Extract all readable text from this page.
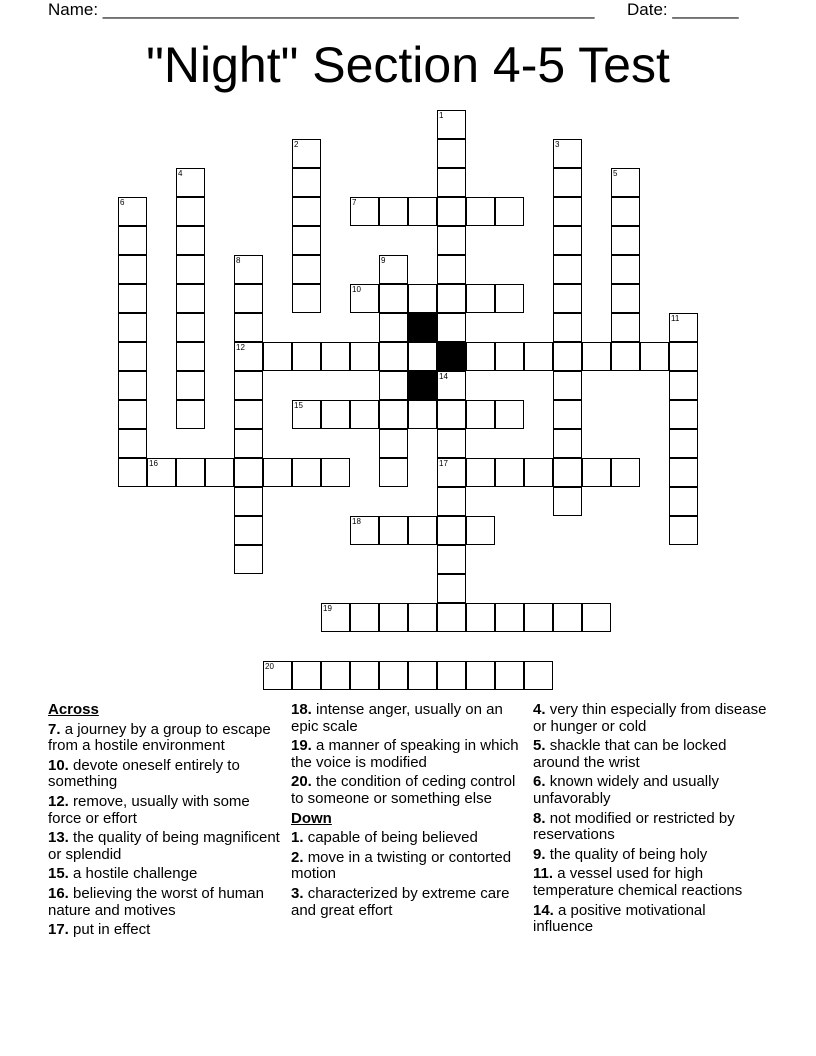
Name: ____________________________________________________ Date: _______
"Night" Section 4-5 Test
1
13
14
17
2	3
4	5
6	7
8
12
9
10
11
15
16
18
19
20
Across
7. a journey by a group to escape from a hostile environment
10. devote oneself entirely to something
12. remove, usually with some force or effort
13. the quality of being magnificent or splendid
15. a hostile challenge
16. believing the worst of human nature and motives
17. put in effect
18. intense anger, usually on an epic scale
19. a manner of speaking in which the voice is modified
20. the condition of ceding control to someone or something else
Down
1. capable of being believed
2. move in a twisting or contorted motion
3. characterized by extreme care and great effort
4. very thin especially from disease or hunger or cold
5. shackle that can be locked around the wrist
6. known widely and usually unfavorably
8. not modified or restricted by reservations
9. the quality of being holy
11. a vessel used for high temperature chemical reactions
14. a positive motivational influence
